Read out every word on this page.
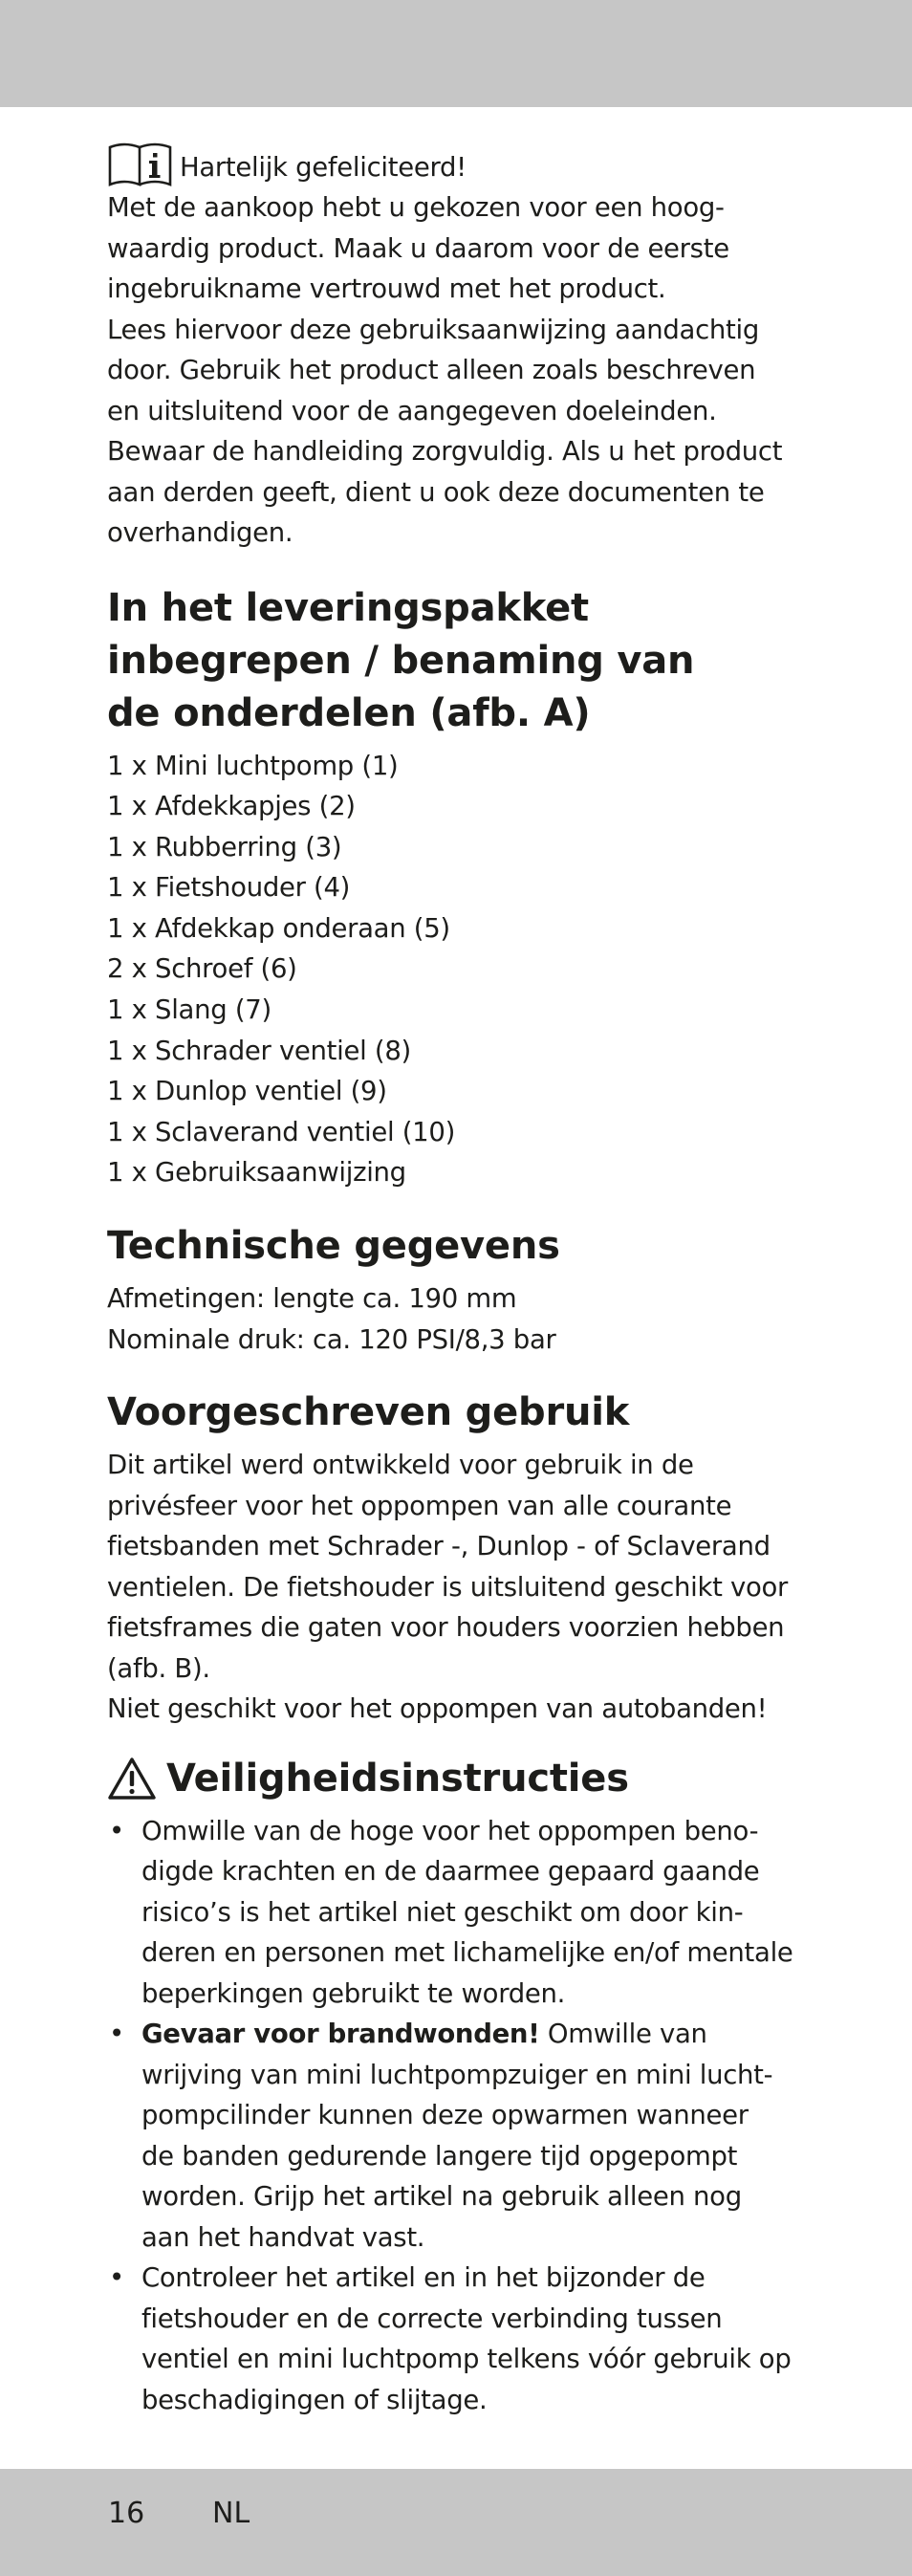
Hartelijk gefeliciteerd!

Met de aankoop hebt u gekozen voor een hoog-

waardig product. Maak u daarom voor de eerste

ingebruikname vertrouwd met het product.

Lees hiervoor deze gebruiksaanwijzing aandachtig

door. Gebruik het product alleen zoals beschreven

en uitsluitend voor de aangegeven doeleinden.

Bewaar de handleiding zorgvuldig. Als u het product

aan derden geeft, dient u ook deze documenten te

overhandigen.

In het leveringspakket
inbegrepen / benaming van
de onderdelen (afb. A)
1 x Mini luchtpomp (1)
1 x Afdekkapjes (2)
1 x Rubberring (3)
1 x Fietshouder (4)
1 x Afdekkap onderaan (5)
2 x Schroef (6)
1 x Slang (7)
1 x Schrader ventiel (8)
1 x Dunlop ventiel (9)
1 x Sclaverand ventiel (10)
1 x Gebruiksaanwijzing
Technische gegevens

Afmetingen: lengte ca. 190 mm

Nominale druk: ca. 120 PSI/8,3 bar

Voorgeschreven gebruik

Dit artikel werd ontwikkeld voor gebruik in de

privésfeer voor het oppompen van alle courante

fietsbanden met Schrader -, Dunlop - of Sclaverand

ventielen. De fietshouder is uitsluitend geschikt voor

fietsframes die gaten voor houders voorzien hebben

(afb. B).

Niet geschikt voor het oppompen van autobanden!

Veiligheidsinstructies
• Omwille van de hoge voor het oppompen beno-
digde krachten en de daarmee gepaard gaande
risico’s is het artikel niet geschikt om door kin-
deren en personen met lichamelijke en/of mentale
beperkingen gebruikt te worden.
• Gevaar voor brandwonden! Omwille van
wrijving van mini luchtpompzuiger en mini lucht-
pompcilinder kunnen deze opwarmen wanneer
de banden gedurende langere tijd opgepompt
worden. Grijp het artikel na gebruik alleen nog
aan het handvat vast.
• Controleer het artikel en in het bijzonder de
fietshouder en de correcte verbinding tussen
ventiel en mini luchtpomp telkens vóór gebruik op
beschadigingen of slijtage.
16 NL
